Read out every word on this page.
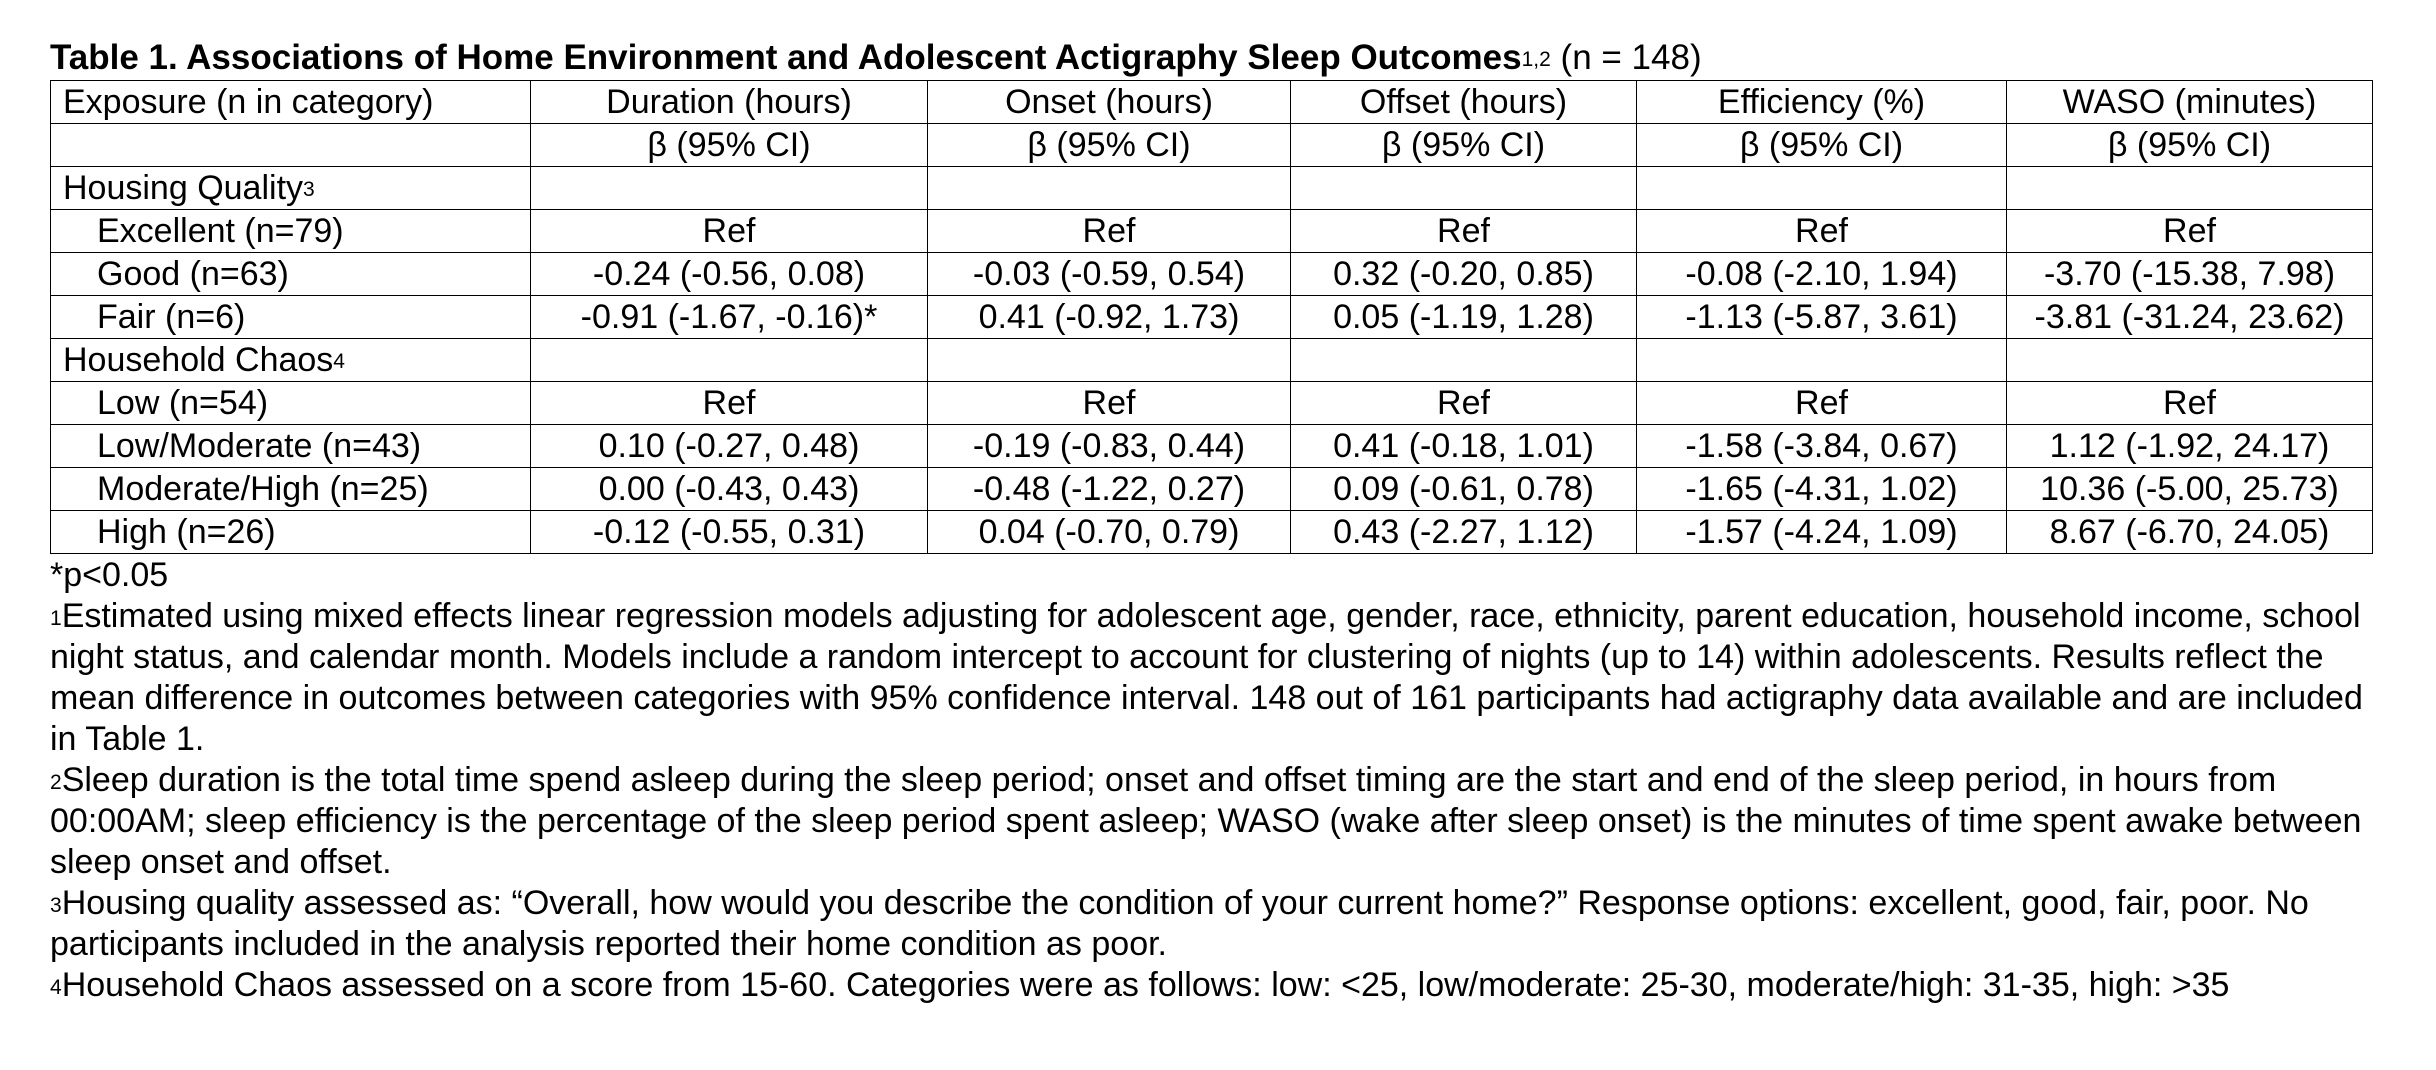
Table 1. Associations of Home Environment and Adolescent Actigraphy Sleep Outcomes$^{1,2}$ (n = 148)
Exposure (n in category)	Duration (hours)	Onset (hours)	Offset (hours)	Efficiency (%)	WASO (minutes)
	β (95% CI)	β (95% CI)	β (95% CI)	β (95% CI)	β (95% CI)
Housing Quality$^3$					
Excellent (n=79)	Ref	Ref	Ref	Ref	Ref
Good (n=63)	-0.24 (-0.56, 0.08)	-0.03 (-0.59, 0.54)	0.32 (-0.20, 0.85)	-0.08 (-2.10, 1.94)	-3.70 (-15.38, 7.98)
Fair (n=6)	-0.91 (-1.67, -0.16)*	0.41 (-0.92, 1.73)	0.05 (-1.19, 1.28)	-1.13 (-5.87, 3.61)	-3.81 (-31.24, 23.62)
Household Chaos$^4$					
Low (n=54)	Ref	Ref	Ref	Ref	Ref
Low/Moderate (n=43)	0.10 (-0.27, 0.48)	-0.19 (-0.83, 0.44)	0.41 (-0.18, 1.01)	-1.58 (-3.84, 0.67)	1.12 (-1.92, 24.17)
Moderate/High (n=25)	0.00 (-0.43, 0.43)	-0.48 (-1.22, 0.27)	0.09 (-0.61, 0.78)	-1.65 (-4.31, 1.02)	10.36 (-5.00, 25.73)
High (n=26)	-0.12 (-0.55, 0.31)	0.04 (-0.70, 0.79)	0.43 (-2.27, 1.12)	-1.57 (-4.24, 1.09)	8.67 (-6.70, 24.05)

*p<0.05

$^1$Estimated using mixed effects linear regression models adjusting for adolescent age, gender, race, ethnicity, parent education, household income, school night status, and calendar month. Models include a random intercept to account for clustering of nights (up to 14) within adolescents. Results reflect the mean difference in outcomes between categories with 95% confidence interval. 148 out of 161 participants had actigraphy data available and are included in Table 1.

$^2$Sleep duration is the total time spend asleep during the sleep period; onset and offset timing are the start and end of the sleep period, in hours from 00:00AM; sleep efficiency is the percentage of the sleep period spent asleep; WASO (wake after sleep onset) is the minutes of time spent awake between sleep onset and offset.

$^3$Housing quality assessed as: “Overall, how would you describe the condition of your current home?” Response options: excellent, good, fair, poor. No participants included in the analysis reported their home condition as poor.

$^4$Household Chaos assessed on a score from 15-60. Categories were as follows: low: <25, low/moderate: 25-30, moderate/high: 31-35, high: >35
